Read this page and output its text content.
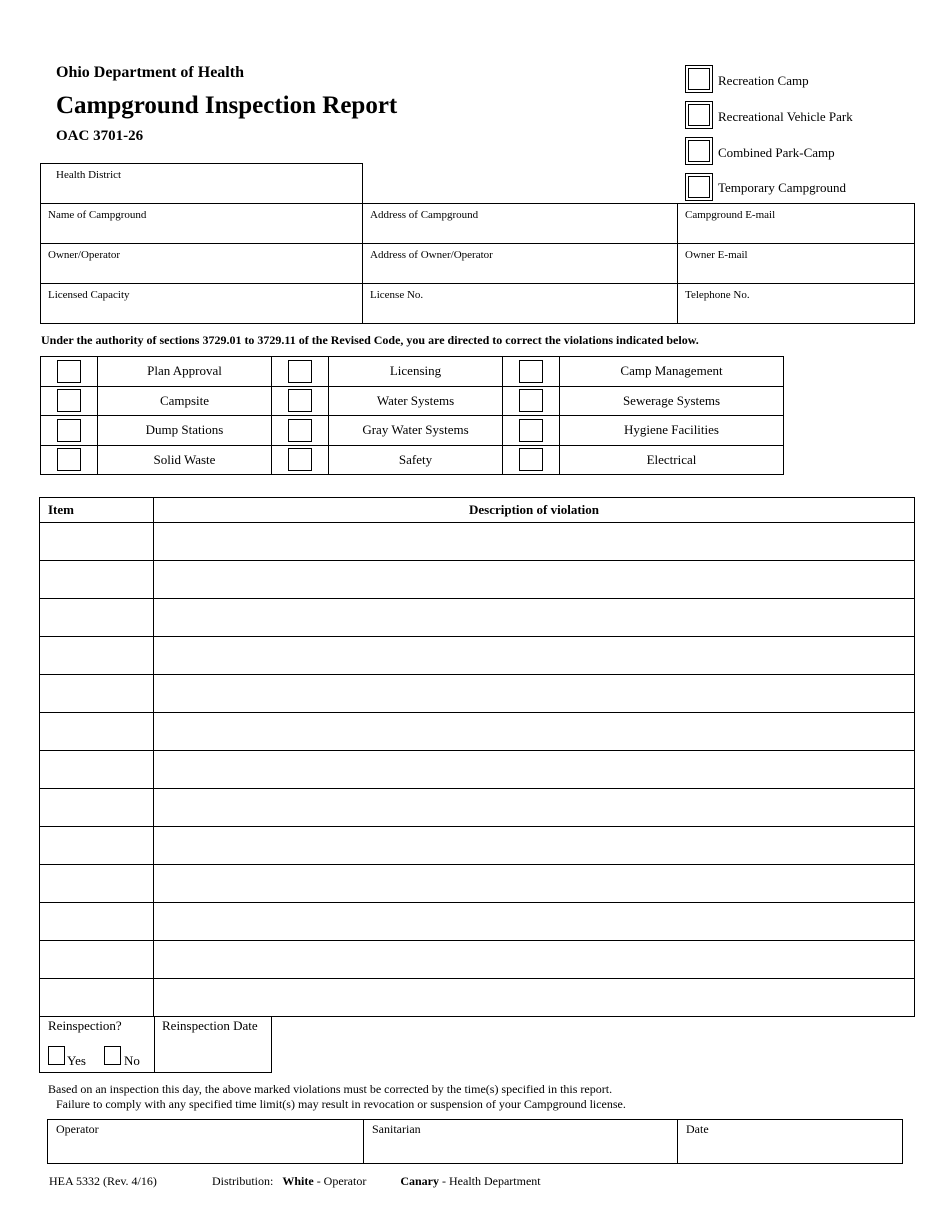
Ohio Department of Health
Campground Inspection Report
OAC 3701-26
Recreation Camp
Recreational Vehicle Park
Combined Park-Camp
Temporary Campground
Health District
Name of Campground	Address of Campground	Campground E-mail
Owner/Operator	Address of Owner/Operator	Owner E-mail
Licensed Capacity	License No.	Telephone No.
Under the authority of sections 3729.01 to 3729.11 of the Revised Code, you are directed to correct the violations indicated below.
	Plan Approval		Licensing		Camp Management
	Campsite		Water Systems		Sewerage Systems
	Dump Stations		Gray Water Systems		Hygiene Facilities
	Solid Waste		Safety		Electrical
Item	Description of violation

Reinspection?
Yes	No
Reinspection Date
Based on an inspection this day, the above marked violations must be corrected by the time(s) specified in this report.
Failure to comply with any specified time limit(s) may result in revocation or suspension of your Campground license.
Operator	Sanitarian	Date
HEA 5332 (Rev. 4/16)	Distribution: White - Operator	Canary - Health Department
